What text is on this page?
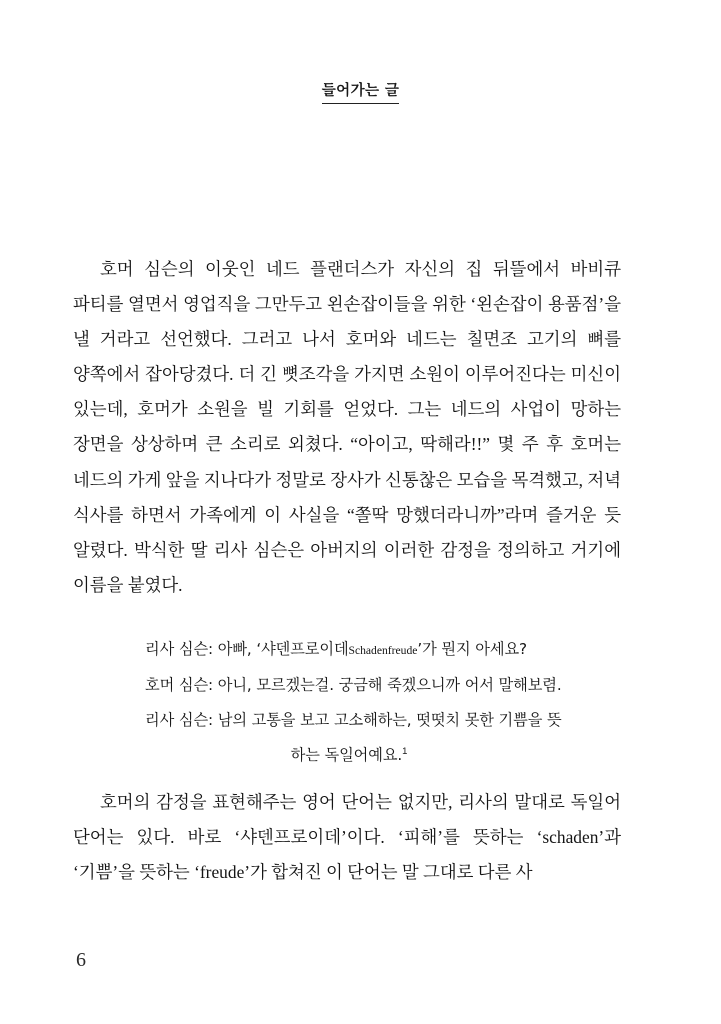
들어가는 글

호머 심슨의 이웃인 네드 플랜더스가 자신의 집 뒤뜰에서 바비큐 파티를 열면서 영업직을 그만두고 왼손잡이들을 위한 ‘왼손잡이 용품점’을 낼 거라고 선언했다. 그러고 나서 호머와 네드는 칠면조 고기의 뼈를 양쪽에서 잡아당겼다. 더 긴 뼛조각을 가지면 소원이 이루어진다는 미신이 있는데, 호머가 소원을 빌 기회를 얻었다. 그는 네드의 사업이 망하는 장면을 상상하며 큰 소리로 외쳤다. “아이고, 딱해라!!” 몇 주 후 호머는 네드의 가게 앞을 지나다가 정말로 장사가 신통찮은 모습을 목격했고, 저녁 식사를 하면서 가족에게 이 사실을 “쫄딱 망했더라니까”라며 즐거운 듯 알렸다. 박식한 딸 리사 심슨은 아버지의 이러한 감정을 정의하고 거기에 이름을 붙였다.

리사 심슨: 아빠, ‘샤덴프로이데Schadenfreude’가 뭔지 아세요?

호머 심슨: 아니, 모르겠는걸. 궁금해 죽겠으니까 어서 말해보렴.

리사 심슨: 남의 고통을 보고 고소해하는, 떳떳치 못한 기쁨을 뜻

하는 독일어예요.$^1$

호머의 감정을 표현해주는 영어 단어는 없지만, 리사의 말대로 독일어 단어는 있다. 바로 ‘샤덴프로이데’이다. ‘피해’를 뜻하는 ‘schaden’과 ‘기쁨’을 뜻하는 ‘freude’가 합쳐진 이 단어는 말 그대로 다른 사

6
